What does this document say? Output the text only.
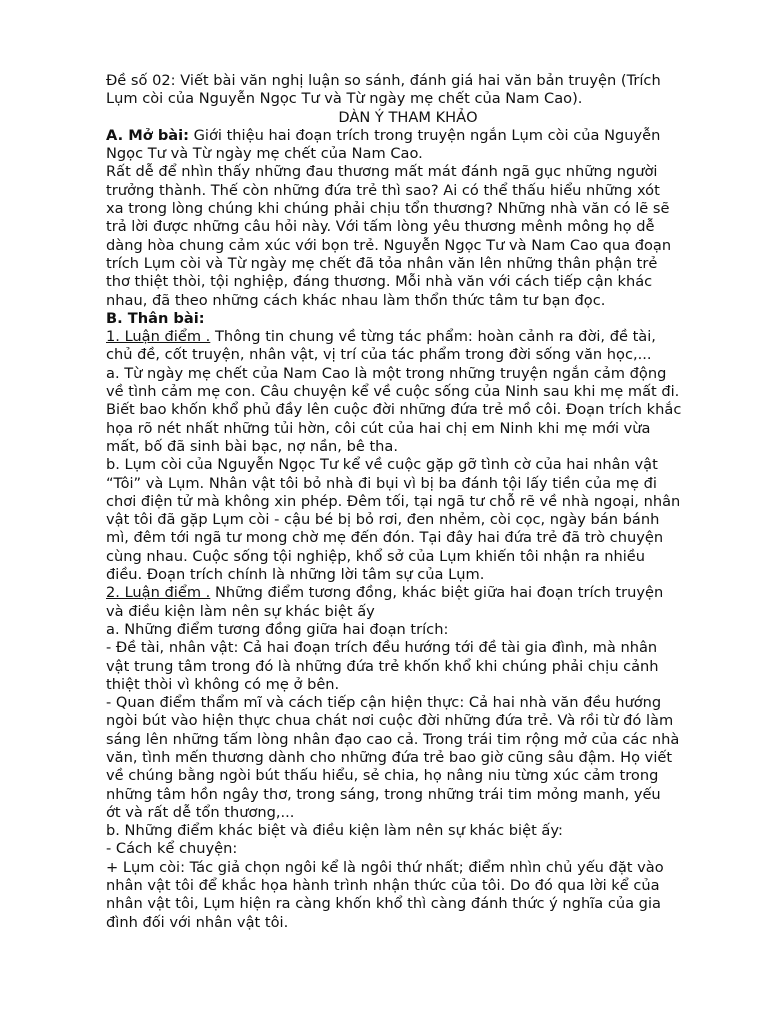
Đề số 02: Viết bài văn nghị luận so sánh, đánh giá hai văn bản truyện (Trích
Lụm còi của Nguyễn Ngọc Tư và Từ ngày mẹ chết của Nam Cao).
DÀN Ý THAM KHẢO
A. Mở bài: Giới thiệu hai đoạn trích trong truyện ngắn Lụm còi của Nguyễn
Ngọc Tư và Từ ngày mẹ chết của Nam Cao.
Rất dễ để nhìn thấy những đau thương mất mát đánh ngã gục những người
trưởng thành. Thế còn những đứa trẻ thì sao? Ai có thể thấu hiểu những xót
xa trong lòng chúng khi chúng phải chịu tổn thương? Những nhà văn có lẽ sẽ
trả lời được những câu hỏi này. Với tấm lòng yêu thương mênh mông họ dễ
dàng hòa chung cảm xúc với bọn trẻ. Nguyễn Ngọc Tư và Nam Cao qua đoạn
trích Lụm còi và Từ ngày mẹ chết đã tỏa nhân văn lên những thân phận trẻ
thơ thiệt thòi, tội nghiệp, đáng thương. Mỗi nhà văn với cách tiếp cận khác
nhau, đã theo những cách khác nhau làm thổn thức tâm tư bạn đọc.
B. Thân bài:
1. Luận điểm . Thông tin chung về từng tác phẩm: hoàn cảnh ra đời, đề tài,
chủ đề, cốt truyện, nhân vật, vị trí của tác phẩm trong đời sống văn học,...
a. Từ ngày mẹ chết của Nam Cao là một trong những truyện ngắn cảm động
về tình cảm mẹ con. Câu chuyện kể về cuộc sống của Ninh sau khi mẹ mất đi.
Biết bao khốn khổ phủ đầy lên cuộc đời những đứa trẻ mồ côi. Đoạn trích khắc
họa rõ nét nhất những tủi hờn, côi cút của hai chị em Ninh khi mẹ mới vừa
mất, bố đã sinh bài bạc, nợ nần, bê tha.
b. Lụm còi của Nguyễn Ngọc Tư kể về cuộc gặp gỡ tình cờ của hai nhân vật
“Tôi” và Lụm. Nhân vật tôi bỏ nhà đi bụi vì bị ba đánh tội lấy tiền của mẹ đi
chơi điện tử mà không xin phép. Đêm tối, tại ngã tư chỗ rẽ về nhà ngoại, nhân
vật tôi đã gặp Lụm còi - cậu bé bị bỏ rơi, đen nhẻm, còi cọc, ngày bán bánh
mì, đêm tới ngã tư mong chờ mẹ đến đón. Tại đây hai đứa trẻ đã trò chuyện
cùng nhau. Cuộc sống tội nghiệp, khổ sở của Lụm khiến tôi nhận ra nhiều
điều. Đoạn trích chính là những lời tâm sự của Lụm.
2. Luận điểm . Những điểm tương đồng, khác biệt giữa hai đoạn trích truyện
và điều kiện làm nên sự khác biệt ấy
a. Những điểm tương đồng giữa hai đoạn trích:
- Đề tài, nhân vật: Cả hai đoạn trích đều hướng tới đề tài gia đình, mà nhân
vật trung tâm trong đó là những đứa trẻ khốn khổ khi chúng phải chịu cảnh
thiệt thòi vì không có mẹ ở bên.
- Quan điểm thẩm mĩ và cách tiếp cận hiện thực: Cả hai nhà văn đều hướng
ngòi bút vào hiện thực chua chát nơi cuộc đời những đứa trẻ. Và rồi từ đó làm
sáng lên những tấm lòng nhân đạo cao cả. Trong trái tim rộng mở của các nhà
văn, tình mến thương dành cho những đứa trẻ bao giờ cũng sâu đậm. Họ viết
về chúng bằng ngòi bút thấu hiểu, sẻ chia, họ nâng niu từng xúc cảm trong
những tâm hồn ngây thơ, trong sáng, trong những trái tim mỏng manh, yếu
ớt và rất dễ tổn thương,...
b. Những điểm khác biệt và điều kiện làm nên sự khác biệt ấy:
- Cách kể chuyện:
+ Lụm còi: Tác giả chọn ngôi kể là ngôi thứ nhất; điểm nhìn chủ yếu đặt vào
nhân vật tôi để khắc họa hành trình nhận thức của tôi. Do đó qua lời kể của
nhân vật tôi, Lụm hiện ra càng khốn khổ thì càng đánh thức ý nghĩa của gia
đình đối với nhân vật tôi.
